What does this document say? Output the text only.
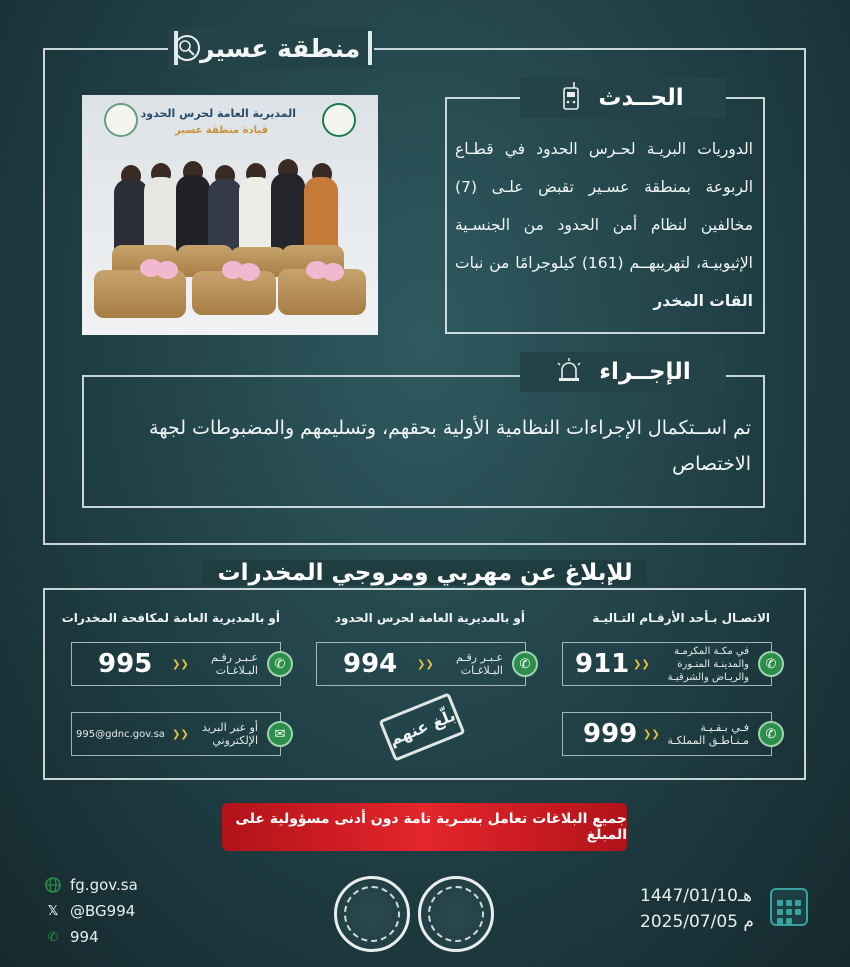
منطقة عسير
المديرية العامة لحرس الحدود
قيادة منطقة عسير
الحــدث
الدوريات البريـة لحـرس الحدود في قطـاع الربوعة بمنطقة عسـير تقبض علـى (7) مخالفين لنظام أمن الحدود من الجنسـية الإثيوبيـة، لتهريبهــم (161) كيلوجرامًا من نبات القات المخدر
الإجــراء
تم اســتكمال الإجراءات النظامية الأولية بحقهم، وتسليمهم والمضبوطات لجهة الاختصاص
للإبلاغ عن مهربي ومروجي المخدرات
الاتصـال بـأحد الأرقـام التـاليـة
أو بالمديرية العامة لحرس الحدود
أو بالمديرية العامة لمكافحة المخدرات
✆
911 ❮❮
في مكـة المكرمـة والمدينـة المنـورة والريـاض والشرقيـة
✆
999 ❮❮	فـي بـقـيـة مـنـاطـق المملكـة
✆
994 ❮❮	عـبـر رقـم البـلاغـات
✆
995 ❮❮	عـبـر رقـم البـلاغـات
✉
995@gdnc.gov.sa ❮❮	أو عبر البريد الإلكتروني	بلّغ عنهم
جميع البلاغات تعامل بسـرية تامة دون أدنى مسؤولية على المبلّغ
fg.gov.sa
𝕏 @BG994
✆ 994
1447/01/10هـ
2025/07/05 م
